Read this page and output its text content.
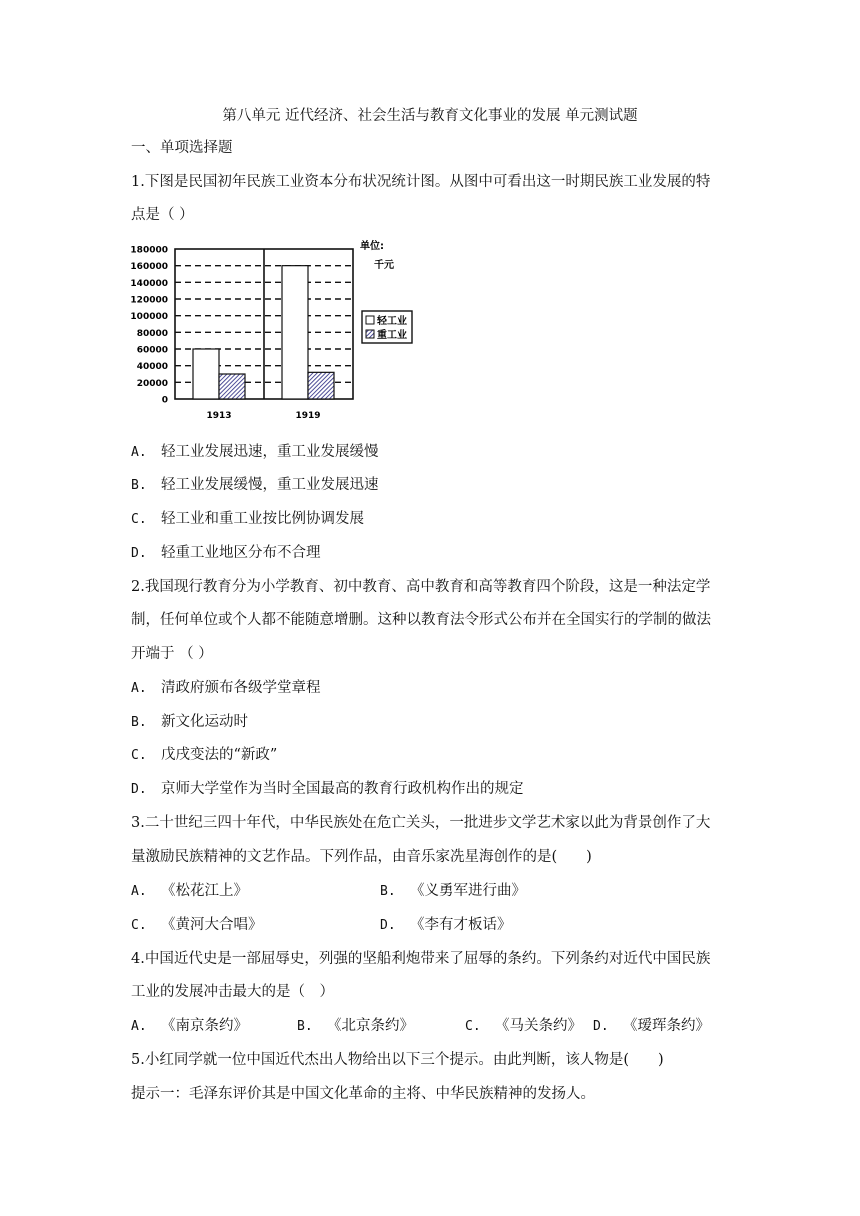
第八单元 近代经济、社会生活与教育文化事业的发展 单元测试题
一、单项选择题
1.下图是民国初年民族工业资本分布状况统计图。从图中可看出这一时期民族工业发展的特
点是（ ）
0
20000
40000
60000
80000
100000
120000
140000
160000
180000
1913	1919
单位:
千元
轻工业
重工业
A. 轻工业发展迅速，重工业发展缓慢
B. 轻工业发展缓慢，重工业发展迅速
C. 轻工业和重工业按比例协调发展
D. 轻重工业地区分布不合理
2.我国现行教育分为小学教育、初中教育、高中教育和高等教育四个阶段，这是一种法定学
制，任何单位或个人都不能随意增删。这种以教育法令形式公布并在全国实行的学制的做法
开端于 （ ）
A. 清政府颁布各级学堂章程
B. 新文化运动时
C. 戊戌变法的“新政”
D. 京师大学堂作为当时全国最高的教育行政机构作出的规定
3.二十世纪三四十年代，中华民族处在危亡关头，一批进步文学艺术家以此为背景创作了大
量激励民族精神的文艺作品。下列作品，由音乐家冼星海创作的是(　　)
A. 《松花江上》	B. 《义勇军进行曲》
C. 《黄河大合唱》	D. 《李有才板话》
4.中国近代史是一部屈辱史，列强的坚船利炮带来了屈辱的条约。下列条约对近代中国民族
工业的发展冲击最大的是（　）
A. 《南京条约》	B. 《北京条约》	C. 《马关条约》 D. 《瑷珲条约》
5.小红同学就一位中国近代杰出人物给出以下三个提示。由此判断，该人物是(　　)
提示一：毛泽东评价其是中国文化革命的主将、中华民族精神的发扬人。
